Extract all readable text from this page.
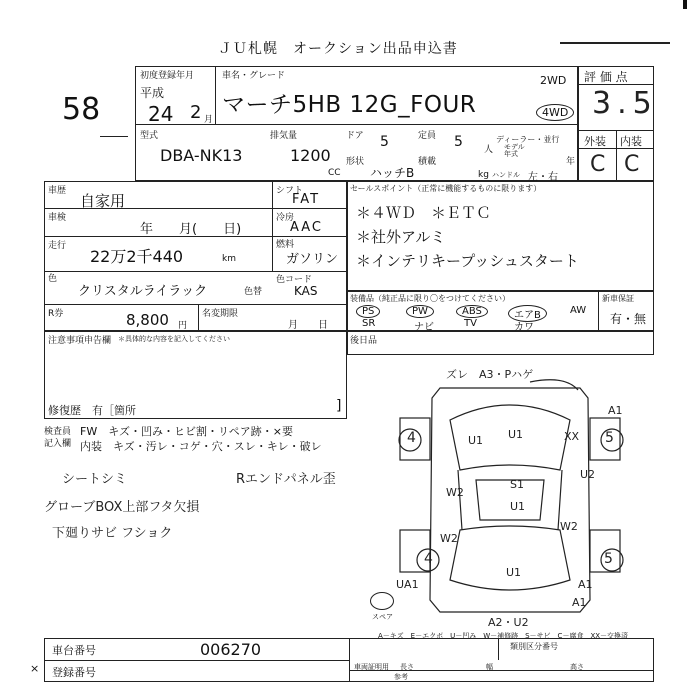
ＪＵ札幌　オークション出品申込書
58
初度登録年月
平成
24 2 月
車名・グレード
マーチ5HB 12G_FOUR
2WD
4WD
型式
DBA-NK13
排気量
1200
CC
ドア 5
形状
ハッチB
定員 5 人
積載
kg
ディーラー・並行
モデル
年式
年
ハンドル 左・右
評 価 点
3.5
外装 内装
C C
車歴
自家用
車検
年　　月(　　日)
走行
22万2千440	km
色
クリスタルライラック
R券	8,800 円
名変期限
月　　日
シフト
FAT
冷房
AAC
燃料
ガソリン
色コード
色替	KAS
セールスポイント（正常に機能するものに限ります）
＊４ＷＤ　＊ＥＴＣ
＊社外アルミ
＊インテリキープッシュスタート
装備品（純正品に限り〇をつけてください）
PS	PW	ABS	エアB	AW
SR	ナビ	TV	カワ
新車保証
有・無
注意事項申告欄 ＊具体的な内容を記入してください
修復歴　有［箇所	]
後日品
検査員
記入欄
FW　キズ・凹み・ヒビ割・リペア跡・×要
内装　キズ・汚レ・コゲ・穴・スレ・キレ・破レ
シートシミ	Rエンドパネル歪
グローブBOX上部フタ欠損
下廻りサビ フショク
ズレ　A3・Pハゲ
4	5
4	5
U1
U1	XX
U2
W2
S1
U1
W2
W2
U1
UA1	A1
A1
A2・U2
A1
スペア
A－キズ　E－エクボ　U－凹み　W－補修跡　S－サビ　C－腐食　XX－交換済
車台番号	006270
登録番号
類別区分番号
車両証明用 長さ	幅	高さ
参考
×
